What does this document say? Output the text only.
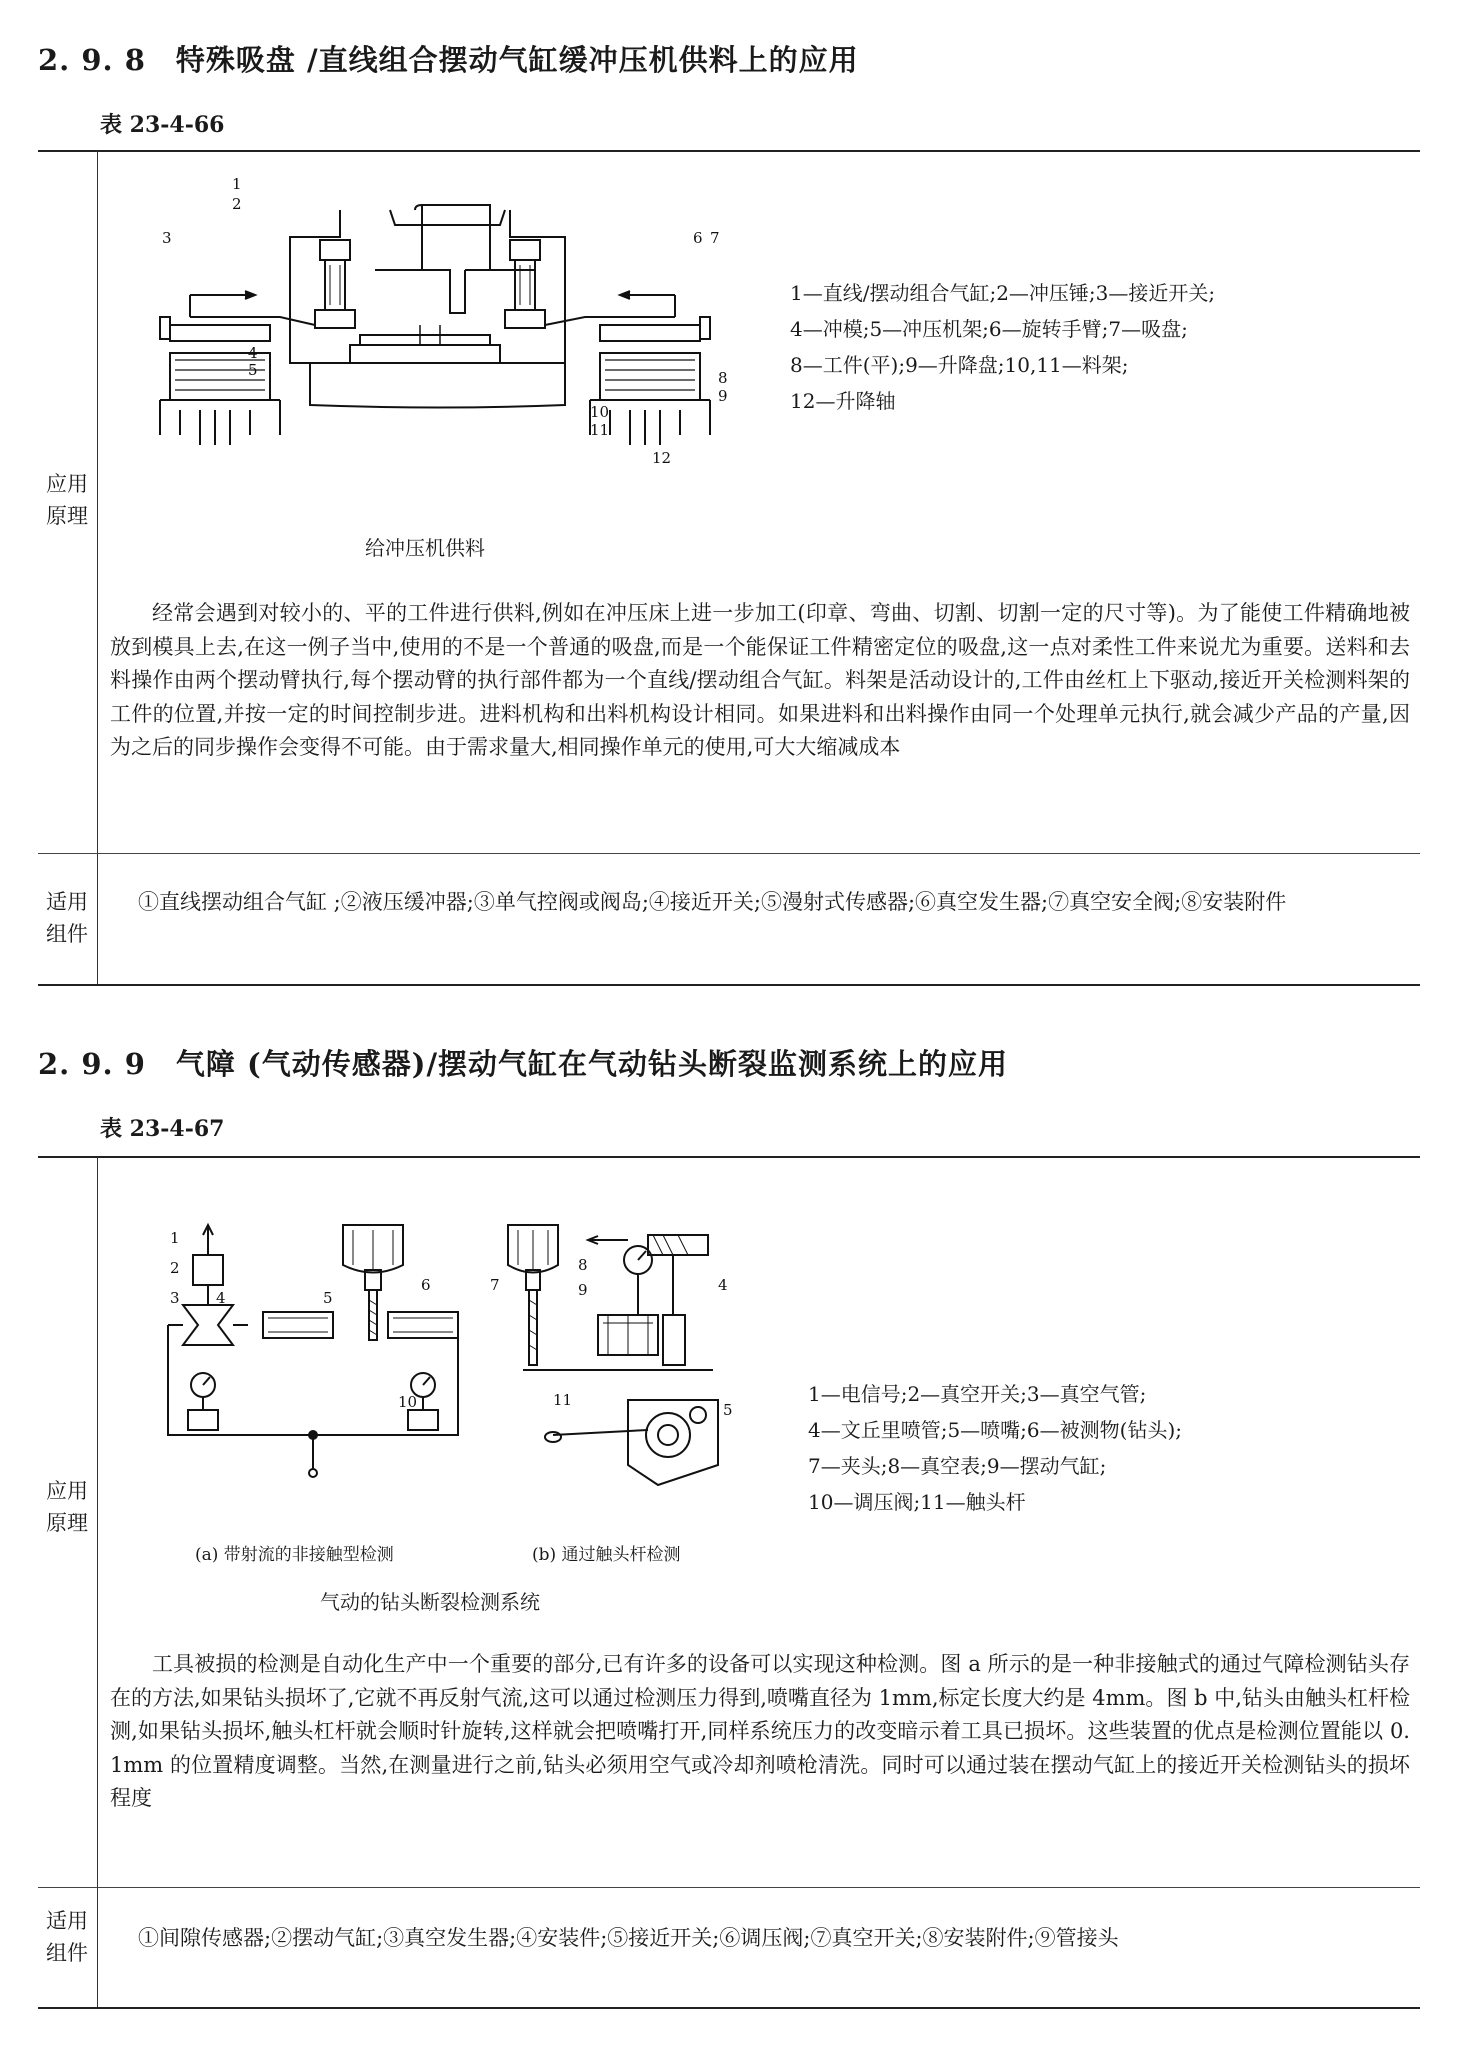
2. 9. 8　特殊吸盘 /直线组合摆动气缸缓冲压机供料上的应用
表 23-4-66
应用
原理
1
2
3
4
5
6 7
8
9
10
11
12
1—直线/摆动组合气缸;2—冲压锤;3—接近开关;
4—冲模;5—冲压机架;6—旋转手臂;7—吸盘;
8—工件(平);9—升降盘;10,11—料架;
12—升降轴
给冲压机供料
经常会遇到对较小的、平的工件进行供料,例如在冲压床上进一步加工(印章、弯曲、切割、切割一定的尺寸等)。为了能使工件精确地被放到模具上去,在这一例子当中,使用的不是一个普通的吸盘,而是一个能保证工件精密定位的吸盘,这一点对柔性工件来说尤为重要。送料和去料操作由两个摆动臂执行,每个摆动臂的执行部件都为一个直线/摆动组合气缸。料架是活动设计的,工件由丝杠上下驱动,接近开关检测料架的工件的位置,并按一定的时间控制步进。进料机构和出料机构设计相同。如果进料和出料操作由同一个处理单元执行,就会减少产品的产量,因为之后的同步操作会变得不可能。由于需求量大,相同操作单元的使用,可大大缩减成本
适用
组件
①直线摆动组合气缸 ;②液压缓冲器;③单气控阀或阀岛;④接近开关;⑤漫射式传感器;⑥真空发生器;⑦真空安全阀;⑧安装附件
2. 9. 9　气障 (气动传感器)/摆动气缸在气动钻头断裂监测系统上的应用
表 23-4-67
应用
原理
1
2
3 4	5
6	7
8
9	4
5
10	11
(a) 带射流的非接触型检测	(b) 通过触头杆检测
气动的钻头断裂检测系统
1—电信号;2—真空开关;3—真空气管;
4—文丘里喷管;5—喷嘴;6—被测物(钻头);
7—夹头;8—真空表;9—摆动气缸;
10—调压阀;11—触头杆
工具被损的检测是自动化生产中一个重要的部分,已有许多的设备可以实现这种检测。图 a 所示的是一种非接触式的通过气障检测钻头存在的方法,如果钻头损坏了,它就不再反射气流,这可以通过检测压力得到,喷嘴直径为 1mm,标定长度大约是 4mm。图 b 中,钻头由触头杠杆检测,如果钻头损坏,触头杠杆就会顺时针旋转,这样就会把喷嘴打开,同样系统压力的改变暗示着工具已损坏。这些装置的优点是检测位置能以 0. 1mm 的位置精度调整。当然,在测量进行之前,钻头必须用空气或冷却剂喷枪清洗。同时可以通过装在摆动气缸上的接近开关检测钻头的损坏程度
适用
组件
①间隙传感器;②摆动气缸;③真空发生器;④安装件;⑤接近开关;⑥调压阀;⑦真空开关;⑧安装附件;⑨管接头
